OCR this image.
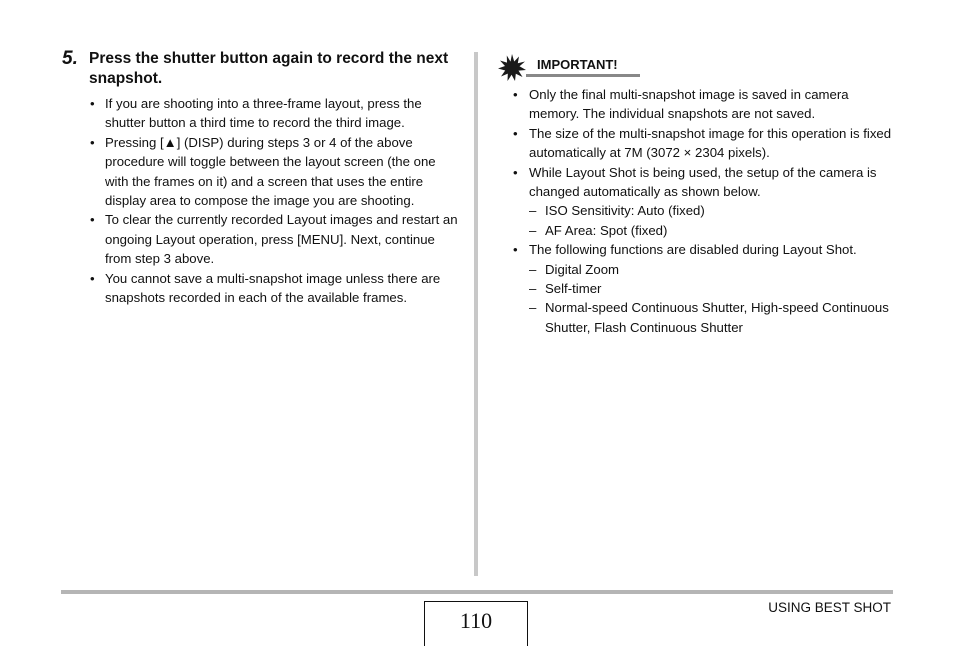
5. Press the shutter button again to record the next snapshot.
• If you are shooting into a three-frame layout, press the shutter button a third time to record the third image.
• Pressing [▲] (DISP) during steps 3 or 4 of the above procedure will toggle between the layout screen (the one with the frames on it) and a screen that uses the entire display area to compose the image you are shooting.
• To clear the currently recorded Layout images and restart an ongoing Layout operation, press [MENU]. Next, continue from step 3 above.
• You cannot save a multi-snapshot image unless there are snapshots recorded in each of the available frames.
IMPORTANT!
• Only the final multi-snapshot image is saved in camera memory. The individual snapshots are not saved.
• The size of the multi-snapshot image for this operation is fixed automatically at 7M (3072 × 2304 pixels).
• While Layout Shot is being used, the setup of the camera is changed automatically as shown below.
– ISO Sensitivity: Auto (fixed)
– AF Area: Spot (fixed)
• The following functions are disabled during Layout Shot.
– Digital Zoom
– Self-timer
– Normal-speed Continuous Shutter, High-speed Continuous Shutter, Flash Continuous Shutter
110
USING BEST SHOT
